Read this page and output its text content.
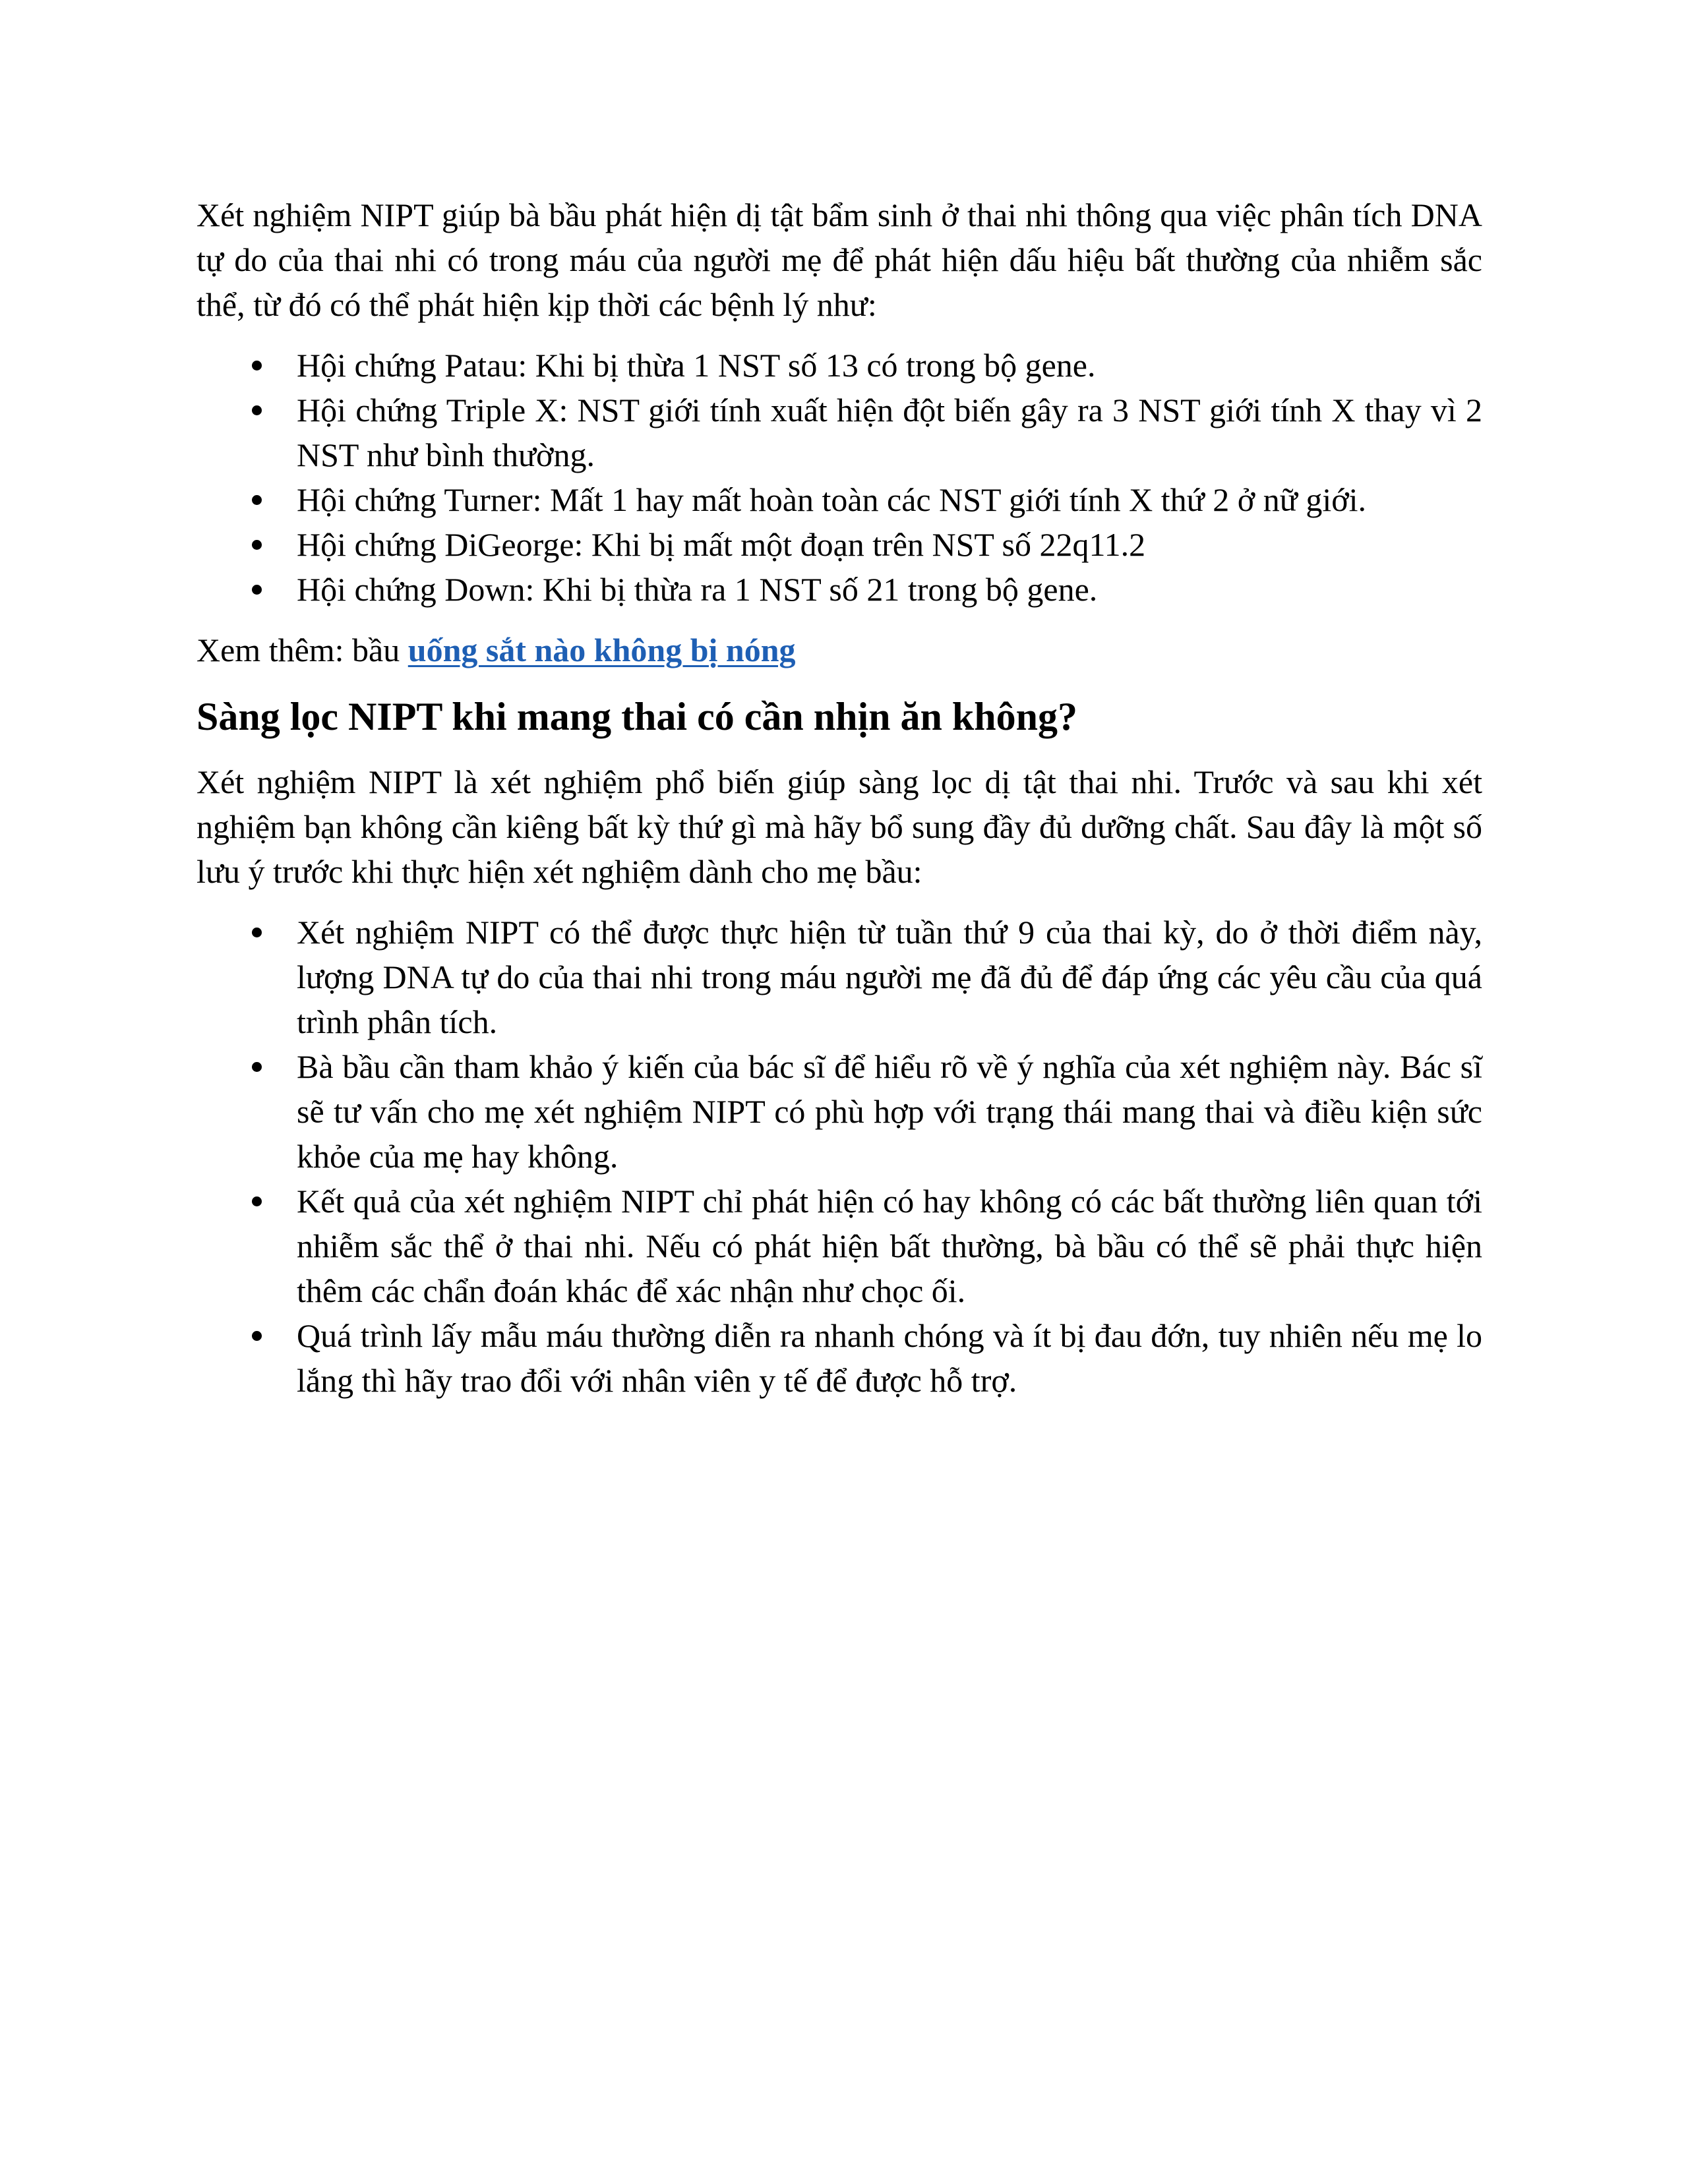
Xét nghiệm NIPT giúp bà bầu phát hiện dị tật bẩm sinh ở thai nhi thông qua việc phân tích DNA tự do của thai nhi có trong máu của người mẹ để phát hiện dấu hiệu bất thường của nhiễm sắc thể, từ đó có thể phát hiện kịp thời các bệnh lý như:

Hội chứng Patau: Khi bị thừa 1 NST số 13 có trong bộ gene.
Hội chứng Triple X: NST giới tính xuất hiện đột biến gây ra 3 NST giới tính X thay vì 2 NST như bình thường.
Hội chứng Turner: Mất 1 hay mất hoàn toàn các NST giới tính X thứ 2 ở nữ giới.
Hội chứng DiGeorge: Khi bị mất một đoạn trên NST số 22q11.2
Hội chứng Down: Khi bị thừa ra 1 NST số 21 trong bộ gene.

Xem thêm: bầu uống sắt nào không bị nóng

Sàng lọc NIPT khi mang thai có cần nhịn ăn không?

Xét nghiệm NIPT là xét nghiệm phổ biến giúp sàng lọc dị tật thai nhi. Trước và sau khi xét nghiệm bạn không cần kiêng bất kỳ thứ gì mà hãy bổ sung đầy đủ dưỡng chất. Sau đây là một số lưu ý trước khi thực hiện xét nghiệm dành cho mẹ bầu:

Xét nghiệm NIPT có thể được thực hiện từ tuần thứ 9 của thai kỳ, do ở thời điểm này, lượng DNA tự do của thai nhi trong máu người mẹ đã đủ để đáp ứng các yêu cầu của quá trình phân tích.
Bà bầu cần tham khảo ý kiến của bác sĩ để hiểu rõ về ý nghĩa của xét nghiệm này. Bác sĩ sẽ tư vấn cho mẹ xét nghiệm NIPT có phù hợp với trạng thái mang thai và điều kiện sức khỏe của mẹ hay không.
Kết quả của xét nghiệm NIPT chỉ phát hiện có hay không có các bất thường liên quan tới nhiễm sắc thể ở thai nhi. Nếu có phát hiện bất thường, bà bầu có thể sẽ phải thực hiện thêm các chẩn đoán khác để xác nhận như chọc ối.
Quá trình lấy mẫu máu thường diễn ra nhanh chóng và ít bị đau đớn, tuy nhiên nếu mẹ lo lắng thì hãy trao đổi với nhân viên y tế để được hỗ trợ.
